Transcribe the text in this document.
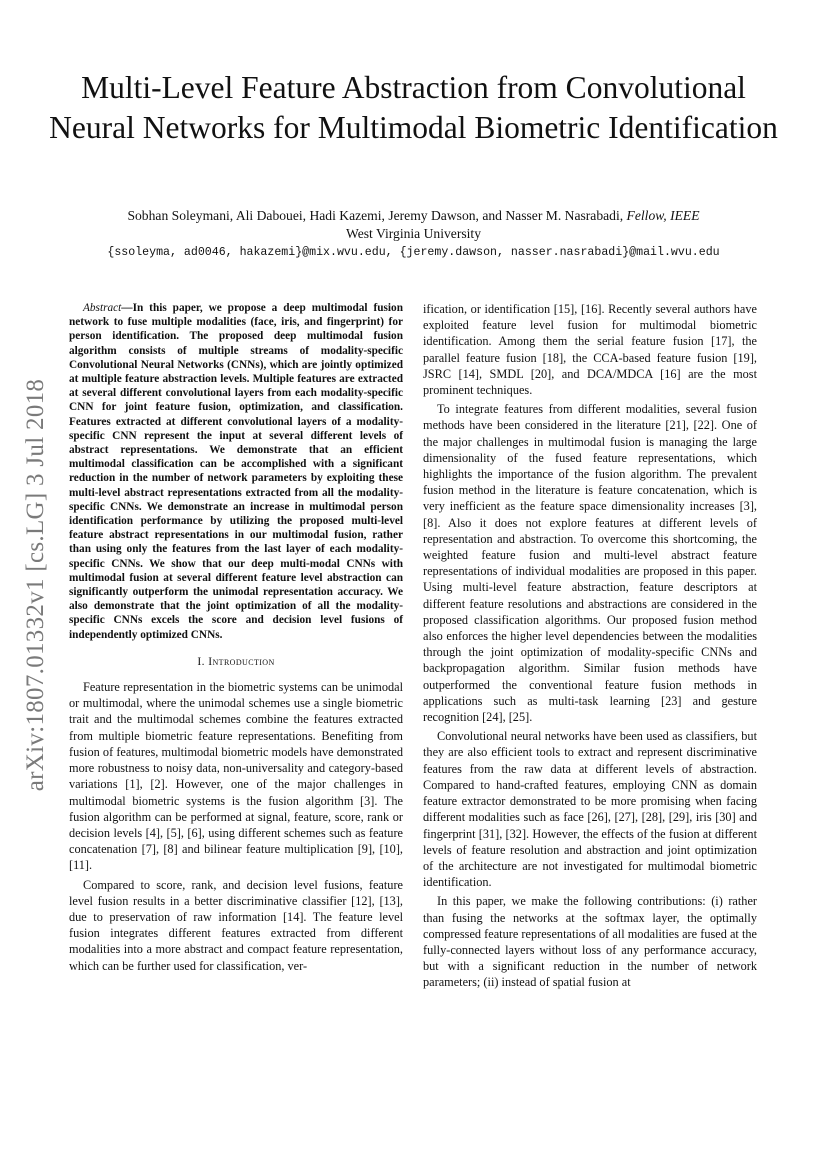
Multi-Level Feature Abstraction from Convolutional Neural Networks for Multimodal Biometric Identification
Sobhan Soleymani, Ali Dabouei, Hadi Kazemi, Jeremy Dawson, and Nasser M. Nasrabadi, Fellow, IEEE
West Virginia University
{ssoleyma, ad0046, hakazemi}@mix.wvu.edu, {jeremy.dawson, nasser.nasrabadi}@mail.wvu.edu
arXiv:1807.01332v1 [cs.LG] 3 Jul 2018

Abstract—In this paper, we propose a deep multimodal fusion network to fuse multiple modalities (face, iris, and fingerprint) for person identification. The proposed deep multimodal fusion algorithm consists of multiple streams of modality-specific Convolutional Neural Networks (CNNs), which are jointly optimized at multiple feature abstraction levels. Multiple features are extracted at several different convolutional layers from each modality-specific CNN for joint feature fusion, optimization, and classification. Features extracted at different convolutional layers of a modality-specific CNN represent the input at several different levels of abstract representations. We demonstrate that an efficient multimodal classification can be accomplished with a significant reduction in the number of network parameters by exploiting these multi-level abstract representations extracted from all the modality-specific CNNs. We demonstrate an increase in multimodal person identification performance by utilizing the proposed multi-level feature abstract representations in our multimodal fusion, rather than using only the features from the last layer of each modality-specific CNNs. We show that our deep multi-modal CNNs with multimodal fusion at several different feature level abstraction can significantly outperform the unimodal representation accuracy. We also demonstrate that the joint optimization of all the modality-specific CNNs excels the score and decision level fusions of independently optimized CNNs.

I. Introduction

Feature representation in the biometric systems can be unimodal or multimodal, where the unimodal schemes use a single biometric trait and the multimodal schemes combine the features extracted from multiple biometric feature representations. Benefiting from fusion of features, multimodal biometric models have demonstrated more robustness to noisy data, non-universality and category-based variations [1], [2]. However, one of the major challenges in multimodal biometric systems is the fusion algorithm [3]. The fusion algorithm can be performed at signal, feature, score, rank or decision levels [4], [5], [6], using different schemes such as feature concatenation [7], [8] and bilinear feature multiplication [9], [10], [11].

Compared to score, rank, and decision level fusions, feature level fusion results in a better discriminative classifier [12], [13], due to preservation of raw information [14]. The feature level fusion integrates different features extracted from different modalities into a more abstract and compact feature representation, which can be further used for classification, ver-

ification, or identification [15], [16]. Recently several authors have exploited feature level fusion for multimodal biometric identification. Among them the serial feature fusion [17], the parallel feature fusion [18], the CCA-based feature fusion [19], JSRC [14], SMDL [20], and DCA/MDCA [16] are the most prominent techniques.

To integrate features from different modalities, several fusion methods have been considered in the literature [21], [22]. One of the major challenges in multimodal fusion is managing the large dimensionality of the fused feature representations, which highlights the importance of the fusion algorithm. The prevalent fusion method in the literature is feature concatenation, which is very inefficient as the feature space dimensionality increases [3], [8]. Also it does not explore features at different levels of representation and abstraction. To overcome this shortcoming, the weighted feature fusion and multi-level abstract feature representations of individual modalities are proposed in this paper. Using multi-level feature abstraction, feature descriptors at different feature resolutions and abstractions are considered in the proposed classification algorithms. Our proposed fusion method also enforces the higher level dependencies between the modalities through the joint optimization of modality-specific CNNs and backpropagation algorithm. Similar fusion methods have outperformed the conventional feature fusion methods in applications such as multi-task learning [23] and gesture recognition [24], [25].

Convolutional neural networks have been used as classifiers, but they are also efficient tools to extract and represent discriminative features from the raw data at different levels of abstraction. Compared to hand-crafted features, employing CNN as domain feature extractor demonstrated to be more promising when facing different modalities such as face [26], [27], [28], [29], iris [30] and fingerprint [31], [32]. However, the effects of the fusion at different levels of feature resolution and abstraction and joint optimization of the architecture are not investigated for multimodal biometric identification.

In this paper, we make the following contributions: (i) rather than fusing the networks at the softmax layer, the optimally compressed feature representations of all modalities are fused at the fully-connected layers without loss of any performance accuracy, but with a significant reduction in the number of network parameters; (ii) instead of spatial fusion at
